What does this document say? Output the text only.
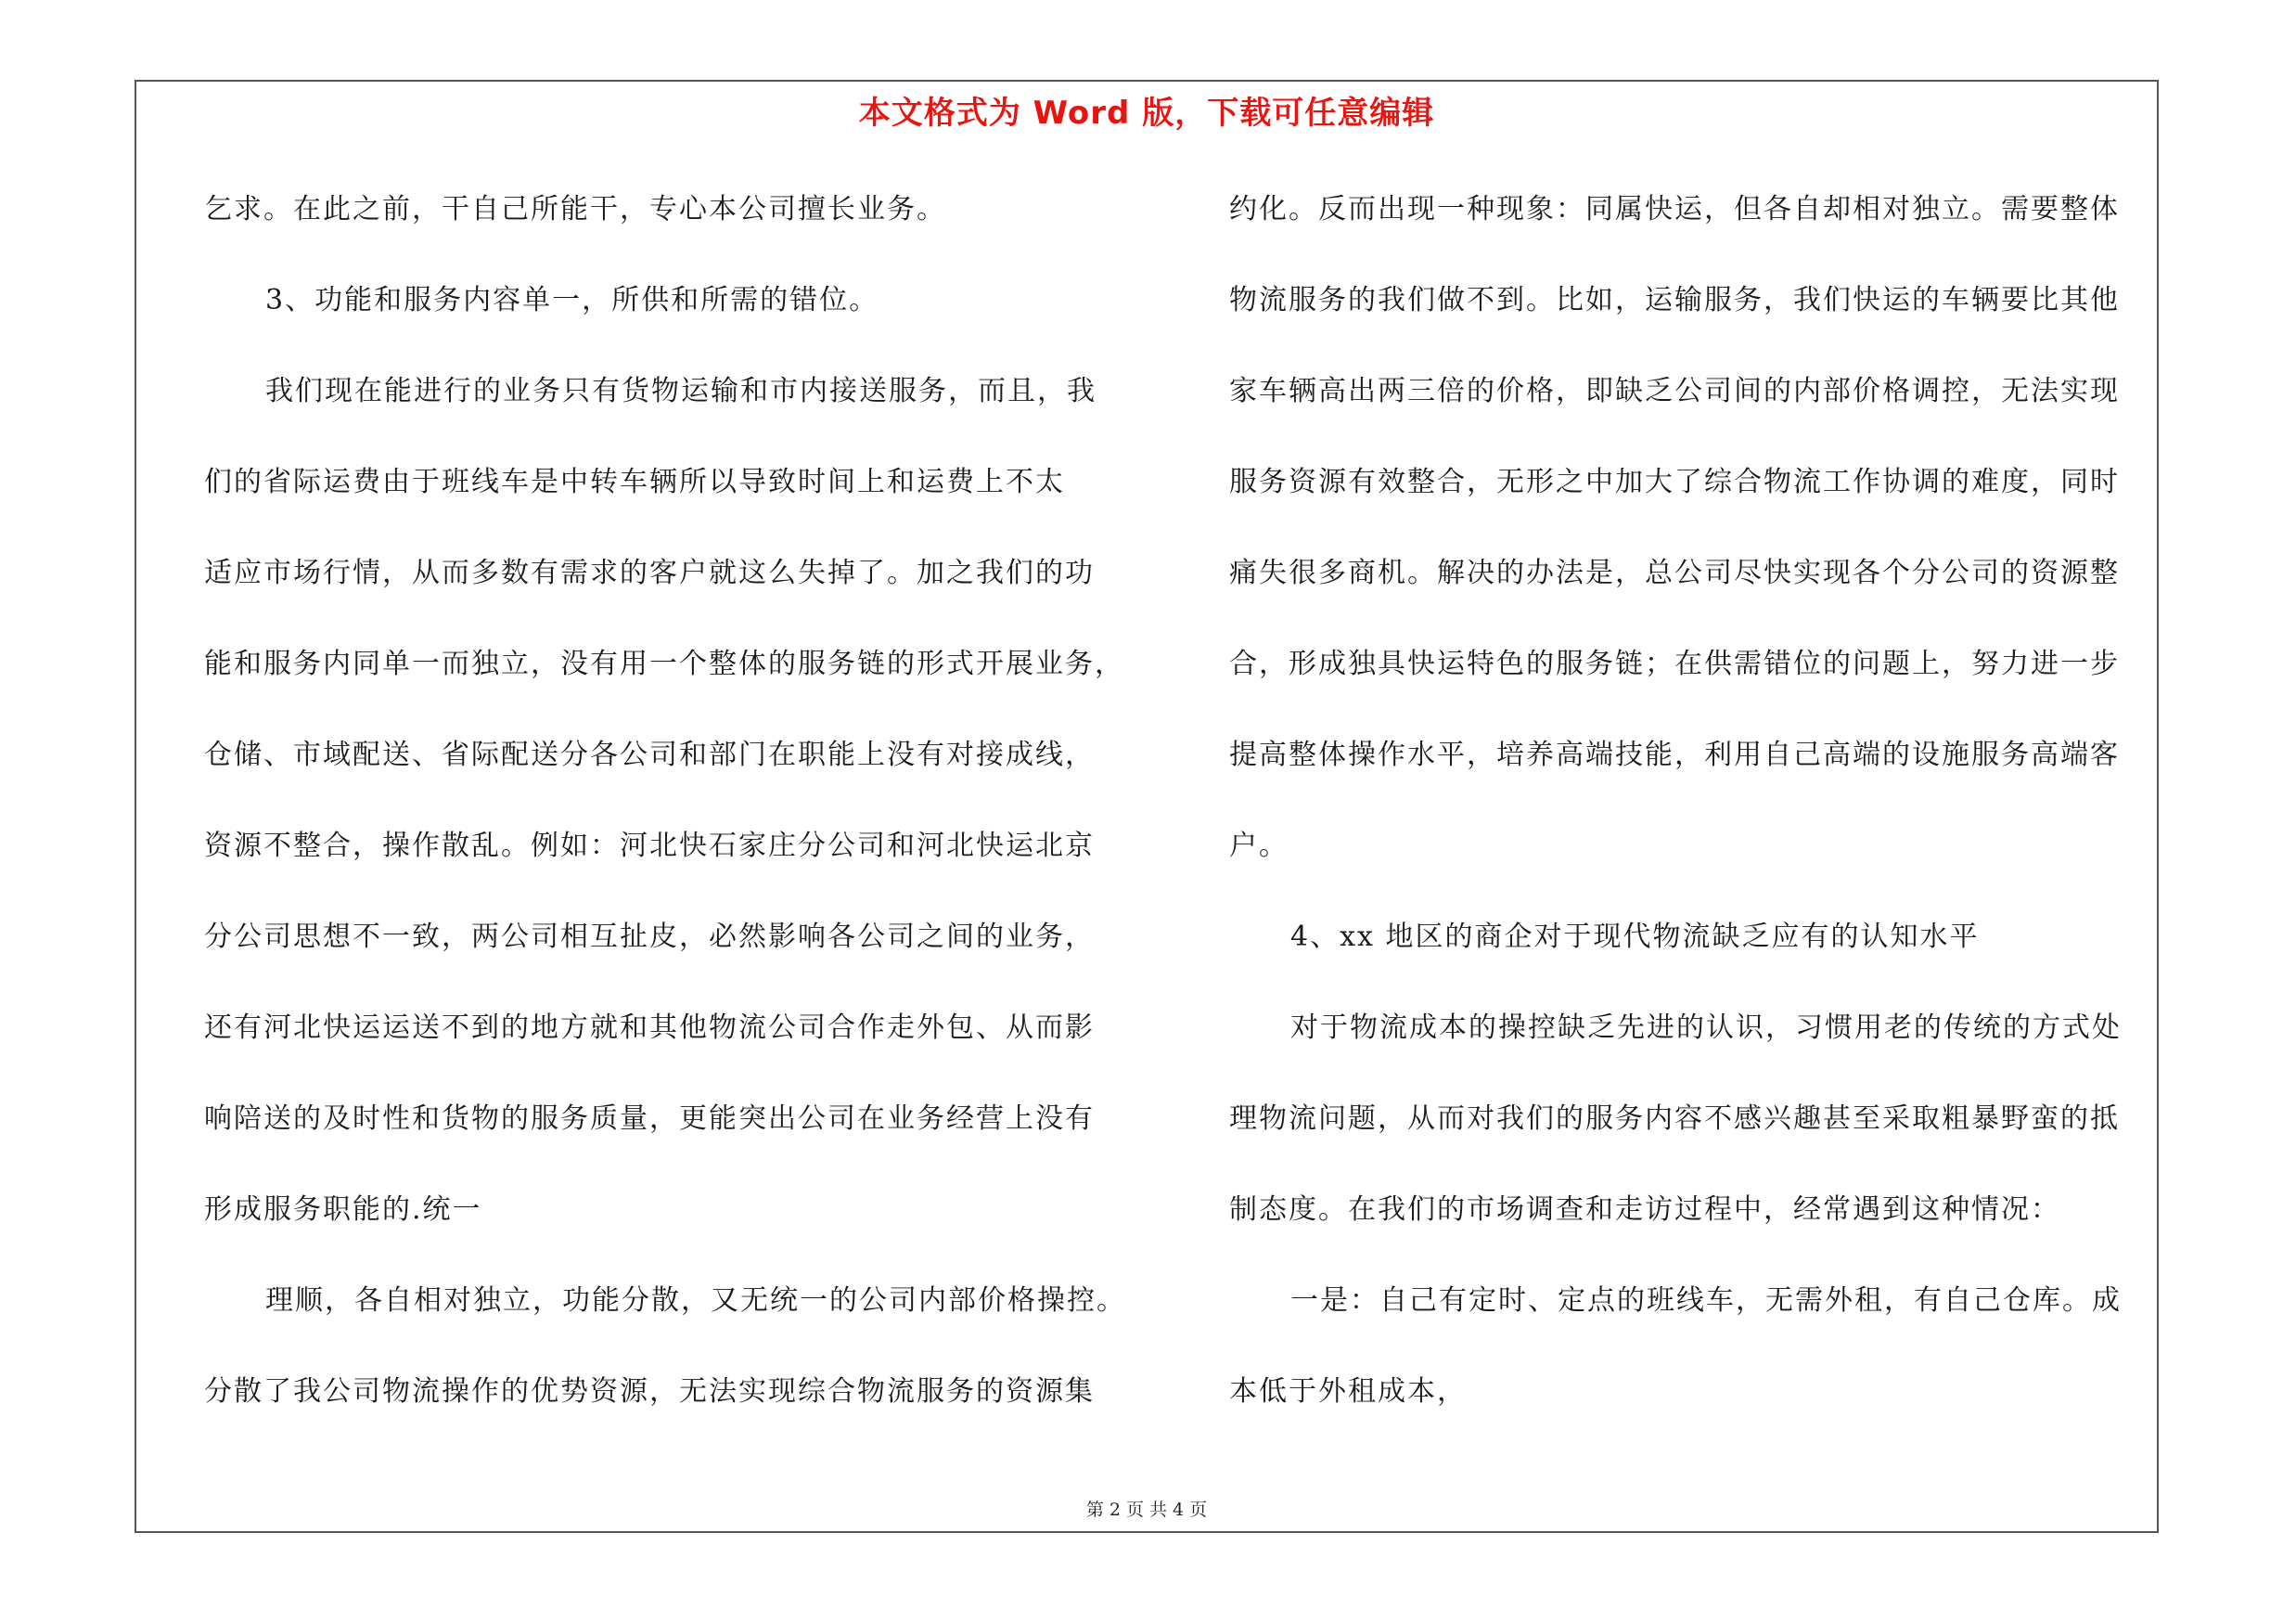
本文格式为 Word 版，下载可任意编辑
乞求。在此之前，干自己所能干，专心本公司擅长业务。
3、功能和服务内容单一，所供和所需的错位。
我们现在能进行的业务只有货物运输和市内接送服务，而且，我
们的省际运费由于班线车是中转车辆所以导致时间上和运费上不太
适应市场行情，从而多数有需求的客户就这么失掉了。加之我们的功
能和服务内同单一而独立，没有用一个整体的服务链的形式开展业务，
仓储、市域配送、省际配送分各公司和部门在职能上没有对接成线，
资源不整合，操作散乱。例如：河北快石家庄分公司和河北快运北京
分公司思想不一致，两公司相互扯皮，必然影响各公司之间的业务，
还有河北快运运送不到的地方就和其他物流公司合作走外包、从而影
响陪送的及时性和货物的服务质量，更能突出公司在业务经营上没有
形成服务职能的.统一
理顺，各自相对独立，功能分散，又无统一的公司内部价格操控。
分散了我公司物流操作的优势资源，无法实现综合物流服务的资源集
约化。反而出现一种现象：同属快运，但各自却相对独立。需要整体
物流服务的我们做不到。比如，运输服务，我们快运的车辆要比其他
家车辆高出两三倍的价格，即缺乏公司间的内部价格调控，无法实现
服务资源有效整合，无形之中加大了综合物流工作协调的难度，同时
痛失很多商机。解决的办法是，总公司尽快实现各个分公司的资源整
合，形成独具快运特色的服务链；在供需错位的问题上，努力进一步
提高整体操作水平，培养高端技能，利用自己高端的设施服务高端客
户。
4、xx 地区的商企对于现代物流缺乏应有的认知水平
对于物流成本的操控缺乏先进的认识，习惯用老的传统的方式处
理物流问题，从而对我们的服务内容不感兴趣甚至采取粗暴野蛮的抵
制态度。在我们的市场调查和走访过程中，经常遇到这种情况：
一是：自己有定时、定点的班线车，无需外租，有自己仓库。成
本低于外租成本，
第 2 页 共 4 页
